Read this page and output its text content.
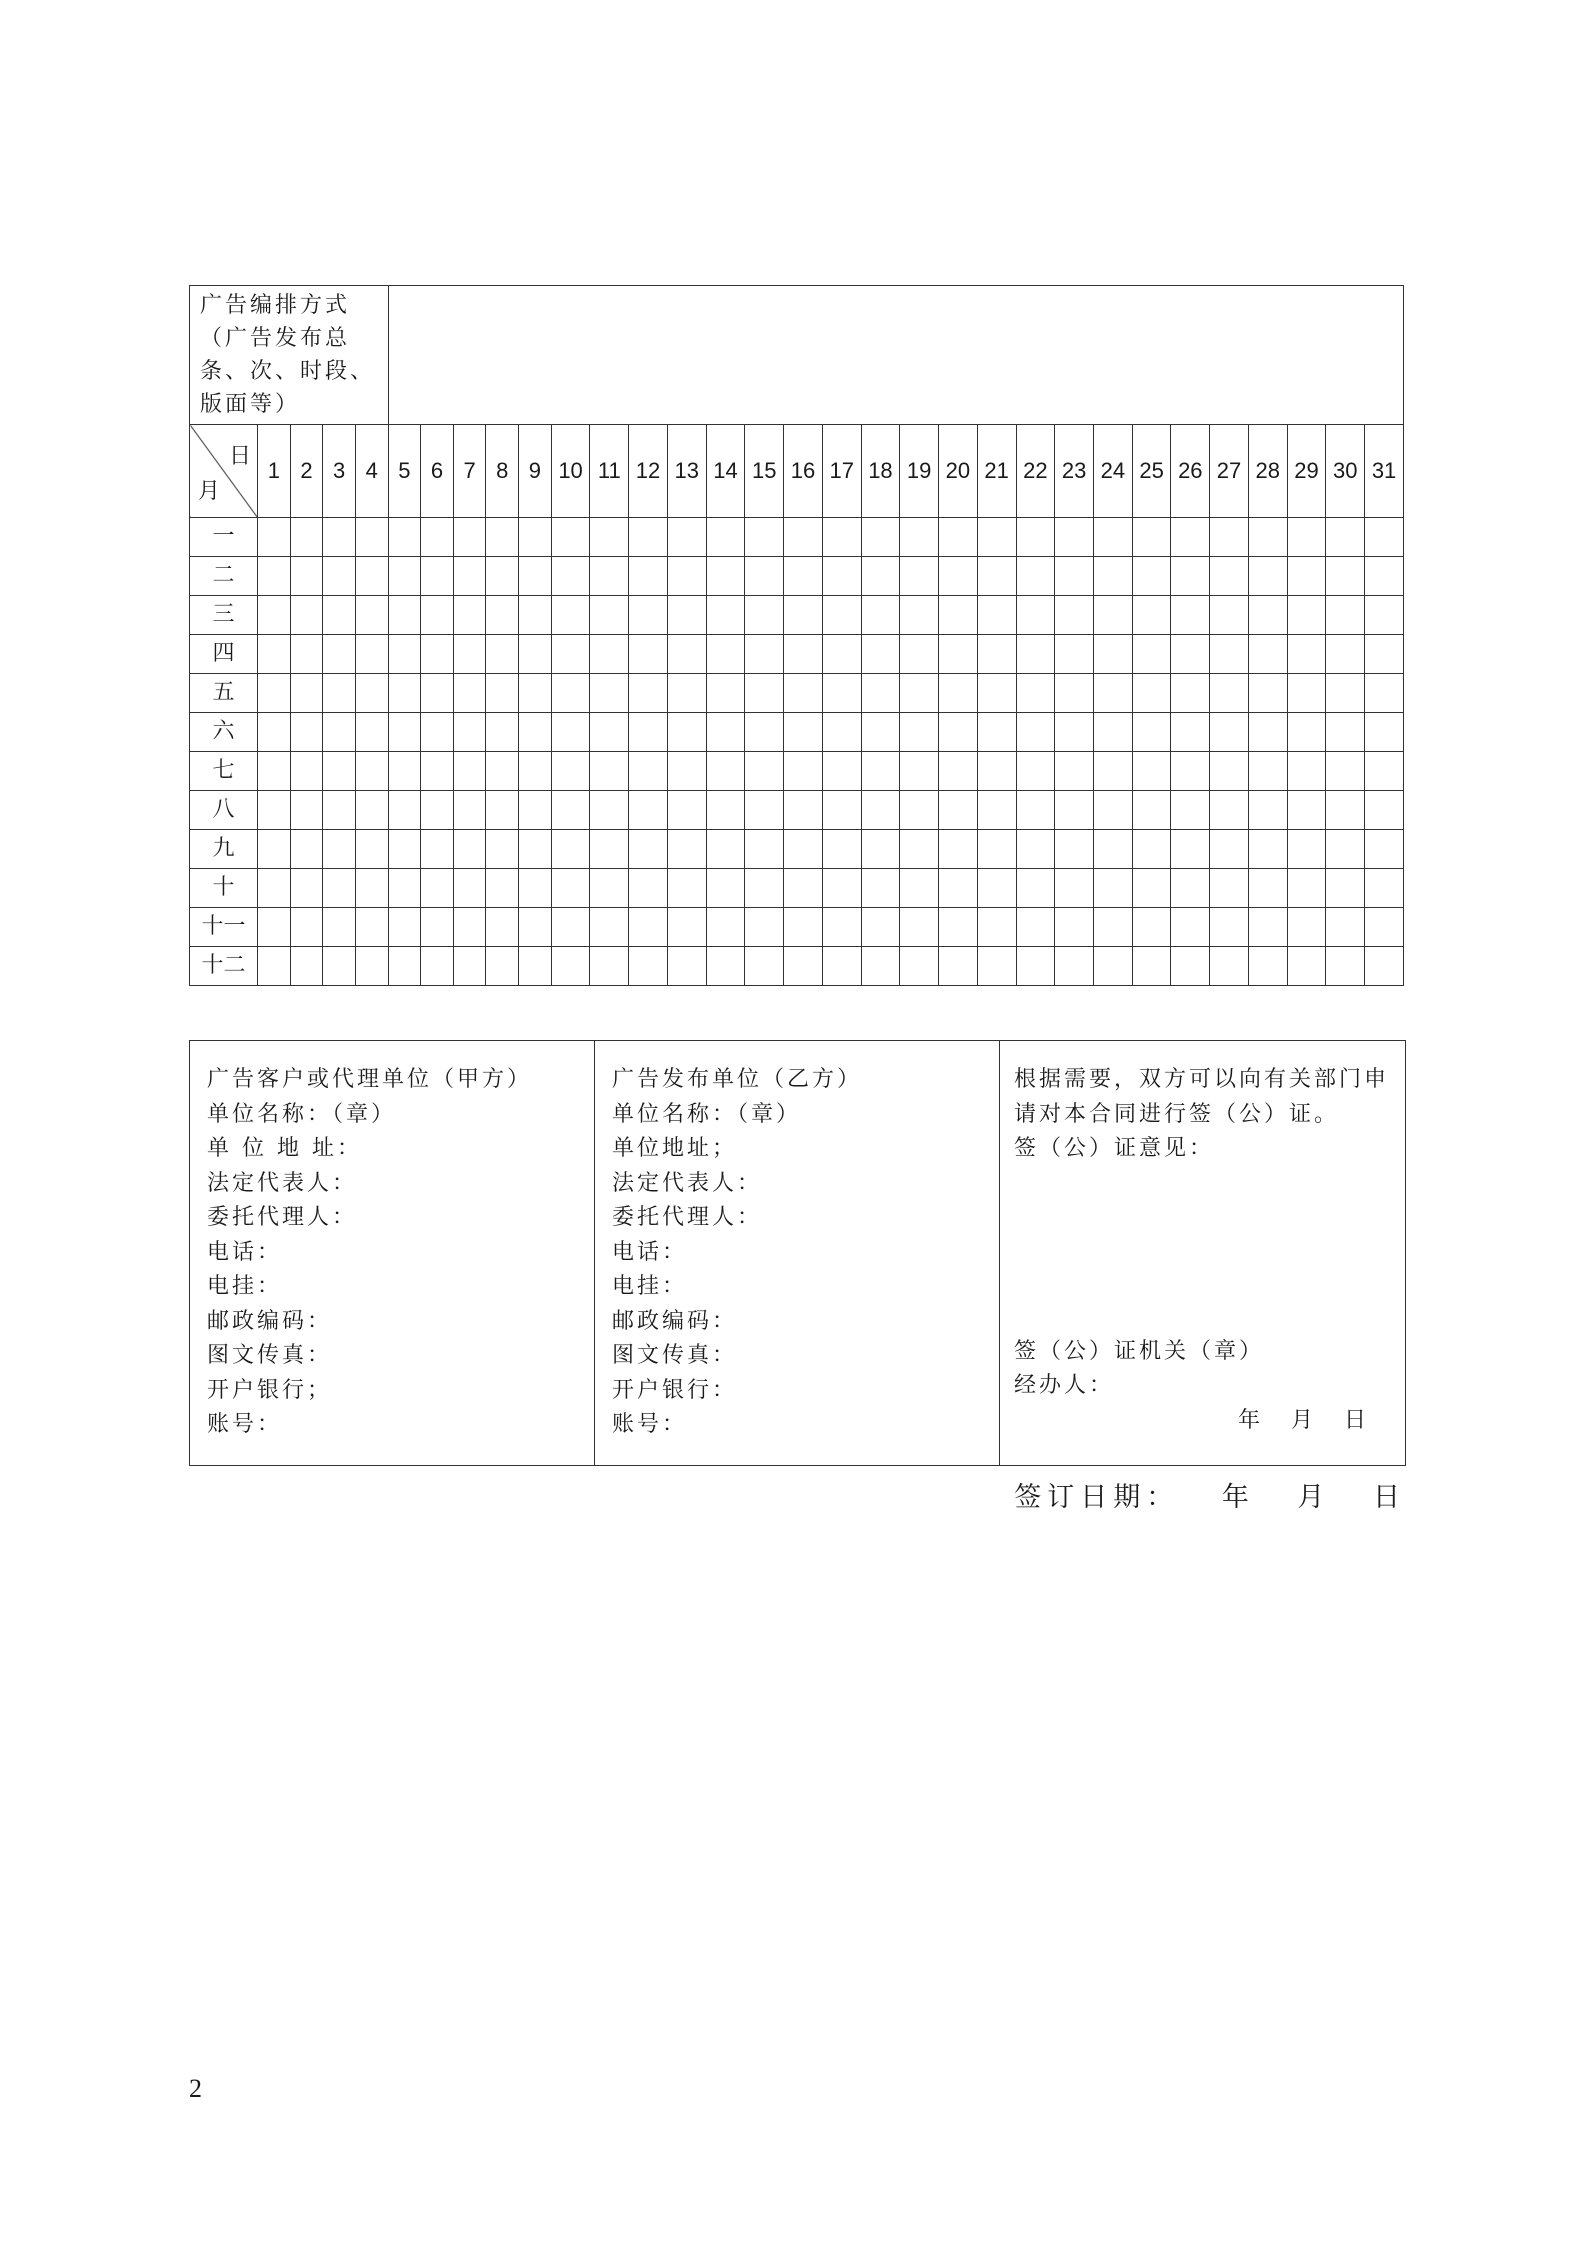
广告编排方式（广告发布总条、次、时段、版面等）																															

日
月	1	2	3	4	5	6	7	8	9	10	11	12	13	14	15	16	17	18	19	20	21	22	23	24	25	26	27	28	29	30	31
一																															
二																															
三																															
四																															
五																															
六																															
七																															
八																															
九																															
十																															
十一																															
十二																															
广告客户或代理单位（甲方）
单位名称：（章）
单 位 地 址：
法定代表人：
委托代理人：
电话：
电挂：
邮政编码：
图文传真：
开户银行；
账号：

广告发布单位（乙方）
单位名称：（章）
单位地址；
法定代表人：
委托代理人：
电话：
电挂：
邮政编码：
图文传真：
开户银行：
账号：

根据需要，双方可以向有关部门申
请对本合同进行签（公）证。
签（公）证意见：
签（公）证机关（章）
经办人：
年 月 日
签订日期： 年 月 日
2
